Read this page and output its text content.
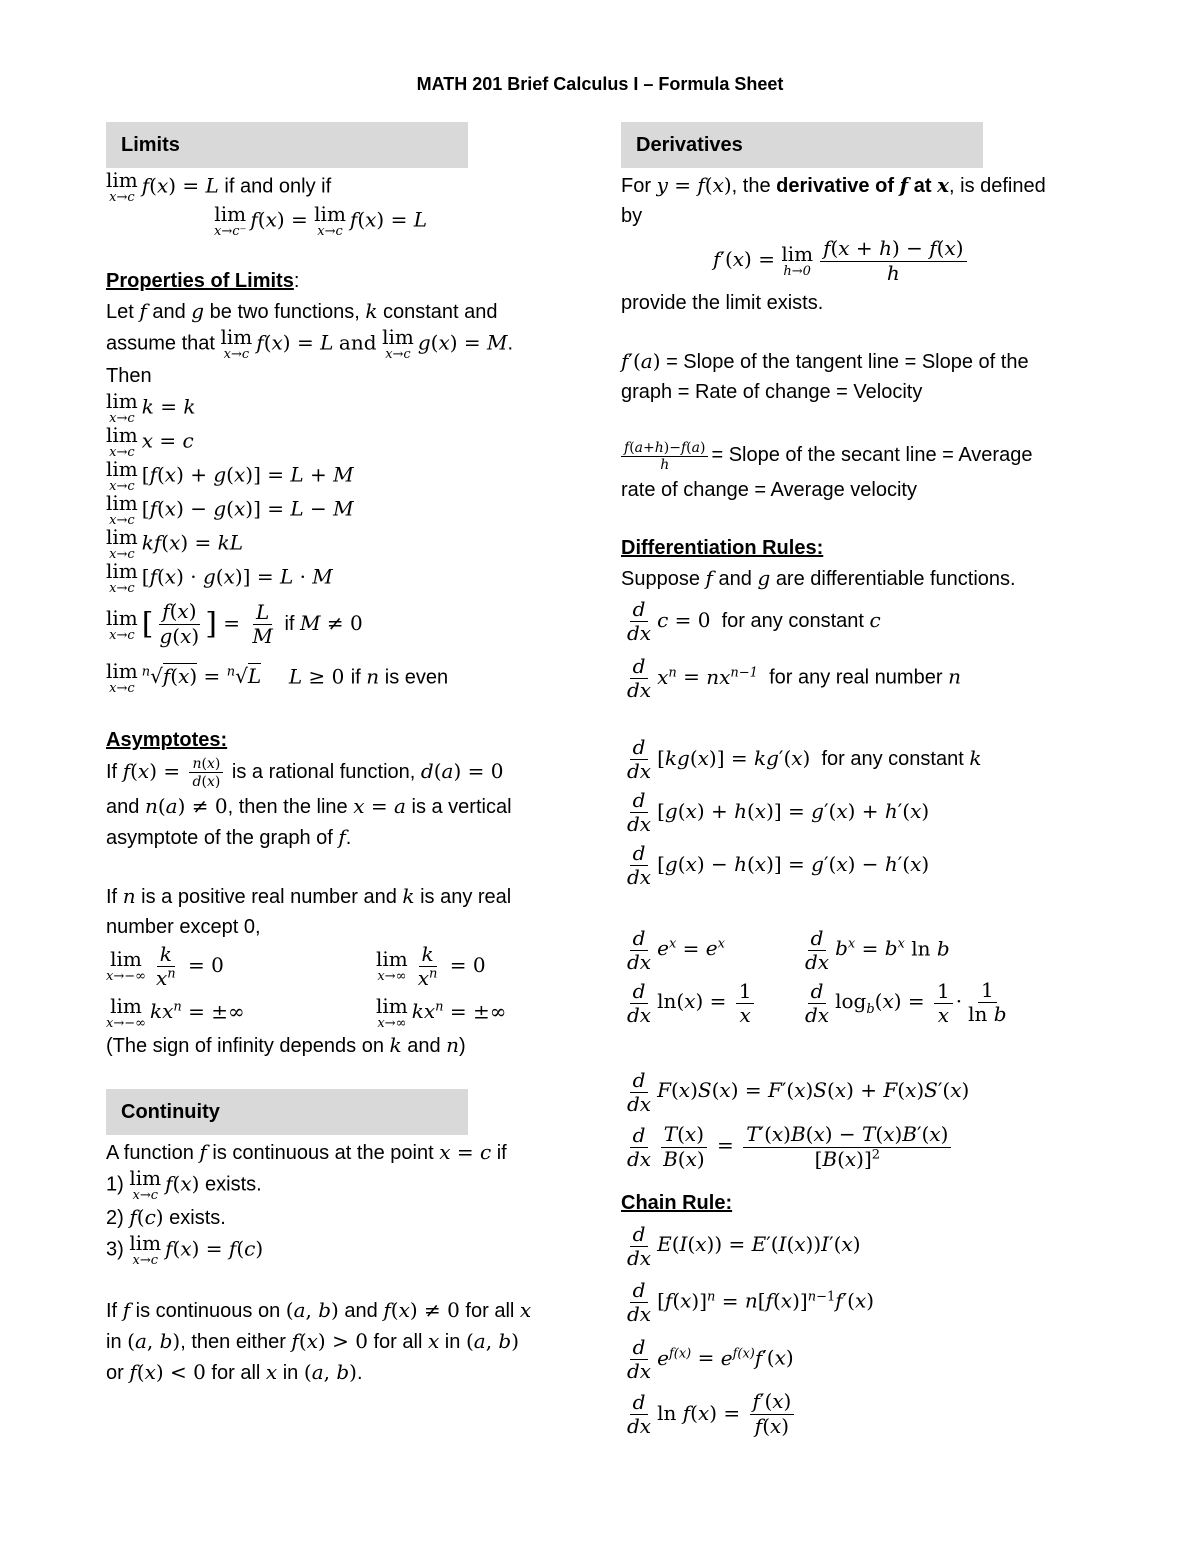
MATH 201 Brief Calculus I – Formula Sheet
Limits
lim
x→c
f(x) = L if and only if
lim
x→c⁻
f(x) = lim
x→c
f(x) = L
Properties of Limits:
Let f and g be two functions, k constant and
assume that lim
x→c
f(x) = L and lim
x→c
g(x) = M.
Then
lim
x→c
k = k
lim
x→c
x = c
lim
x→c
[f(x) + g(x)] = L + M
lim
x→c
[f(x) − g(x)] = L − M
lim
x→c
kf(x) = kL
lim
x→c
[f(x) · g(x)] = L · M
lim
x→c [ $\frac{f(x)}{g(x)}$ ] = $\frac{L}{M}$ if M ≠ 0
lim
x→c
$^n$√f(x) = $^n$√L L ≥ 0 if n is even
Asymptotes:
If $f(x) = \frac{n(x)}{d(x)}$ is a rational function, d(a) = 0
and n(a) ≠ 0, then the line x = a is a vertical
asymptote of the graph of f.
If n is a positive real number and k is any real
number except 0,
lim
$x\to-\infty \frac{k}{x^n} = 0$	lim
$x\to\infty \frac{k}{x^n} = 0$
lim
x→−∞
$kx^n$ = ±∞	lim
x→∞
$kx^n$ = ±∞
(The sign of infinity depends on k and n)
Continuity
A function f is continuous at the point x = c if
1) lim
x→c
f(x) exists.
2) f(c) exists.
3) lim
x→c
f(x) = f(c)
If f is continuous on (a, b) and f(x) ≠ 0 for all x
in (a, b), then either f(x) > 0 for all x in (a, b)
or f(x) < 0 for all x in (a, b).
Derivatives
For y = f(x), the derivative of f at x, is defined
by
f′(x) = lim
$h\to 0 \frac{f(x + h) - f(x)}{h}$
provide the limit exists.
f′(a) = Slope of the tangent line = Slope of the
graph = Rate of change = Velocity
$\frac{f(a+h)-f(a)}{h}$ = Slope of the secant line = Average
rate of change = Average velocity
Differentiation Rules:
Suppose f and g are differentiable functions.
$\frac{d}{dx}$ c = 0 for any constant c
$\frac{d}{dx} x^n = nx^{n-1}$ for any real number n
$\frac{d}{dx} [kg(x)] = kg'(x)$ for any constant k
$\frac{d}{dx} [g(x) + h(x)] = g'(x) + h'(x)$
$\frac{d}{dx} [g(x) - h(x)] = g'(x) - h'(x)$
$\frac{d}{dx} e^x = e^x$	$\frac{d}{dx} b^x = b^x$ ln b
$\frac{d}{dx} \ln(x) = \frac{1}{x} \frac{d}{dx} \log_b(x) = \frac{1}{x} \cdot \frac{1}{\text{ln b}}$
$\frac{d}{dx} F(x)S(x) = F'(x)S(x) + F(x)S'(x)$
$\frac{d}{dx} \frac{T(x)}{B(x)} = \frac{T'(x)B(x) - T(x)B'(x)}{[B(x)]^2}$
Chain Rule:
$\frac{d}{dx} E(I(x)) = E'(I(x))I'(x)$
$\frac{d}{dx} [f(x)]^n = n[f(x)]^{n-1}f'(x)$
$\frac{d}{dx} e^{f(x)} = e^{f(x)}f'(x)$
$\frac{d}{dx}$ $\ln f(x) = \frac{f'(x)}{f(x)}$
